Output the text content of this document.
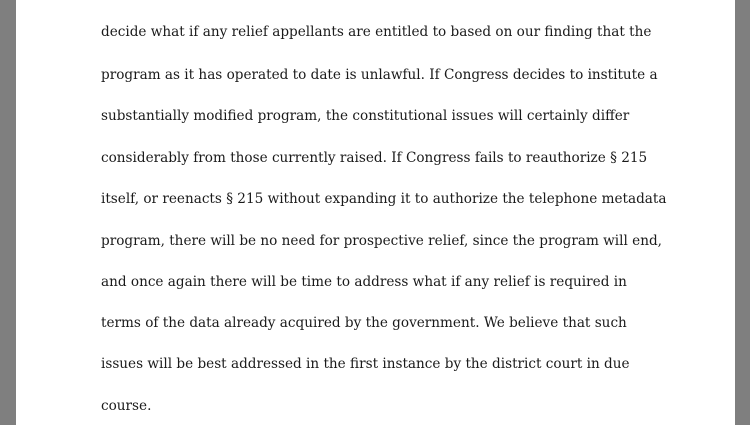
decide what if any relief appellants are entitled to based on our finding that the
program as it has operated to date is unlawful. If Congress decides to institute a
substantially modified program, the constitutional issues will certainly differ
considerably from those currently raised. If Congress fails to reauthorize § 215
itself, or reenacts § 215 without expanding it to authorize the telephone metadata
program, there will be no need for prospective relief, since the program will end,
and once again there will be time to address what if any relief is required in
terms of the data already acquired by the government. We believe that such
issues will be best addressed in the first instance by the district court in due
course.
